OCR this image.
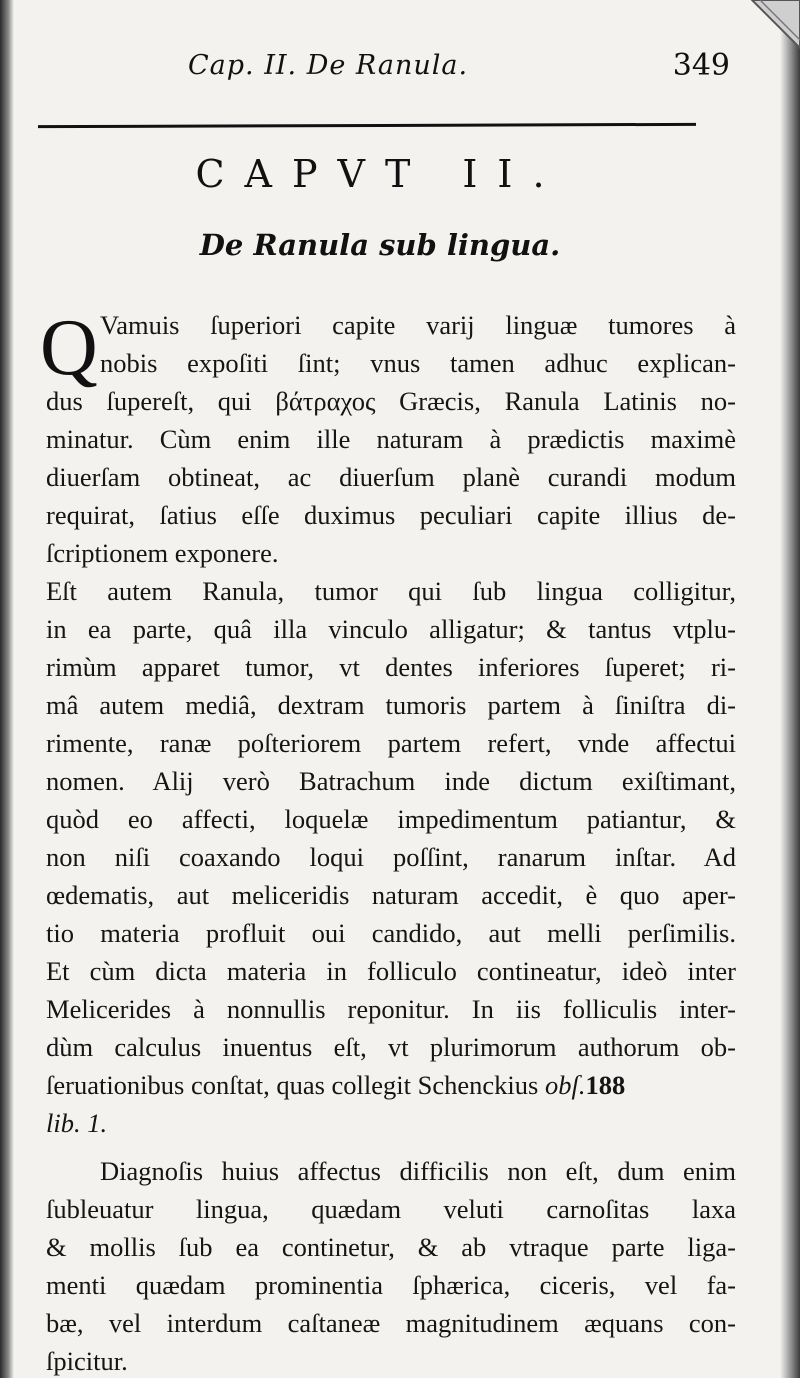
Cap. II. De Ranula.	349
CAPVT II.
De Ranula sub lingua.
Q Vamuis ſuperiori capite varij linguæ tumores à
nobis expoſiti ſint; vnus tamen adhuc explican-
dus ſupereſt, qui βάτραχος Græcis, Ranula Latinis no-
minatur. Cùm enim ille naturam à prædictis maximè
diuerſam obtineat, ac diuerſum planè curandi modum
requirat, ſatius eſſe duximus peculiari capite illius de-
ſcriptionem exponere.
Eſt autem Ranula, tumor qui ſub lingua colligitur,
in ea parte, quâ illa vinculo alligatur; & tantus vtplu-
rimùm apparet tumor, vt dentes inferiores ſuperet; ri-
mâ autem mediâ, dextram tumoris partem à ſiniſtra di-
rimente, ranæ poſteriorem partem refert, vnde affectui
nomen. Alij verò Batrachum inde dictum exiſtimant,
quòd eo affecti, loquelæ impedimentum patiantur, &
non niſi coaxando loqui poſſint, ranarum inſtar. Ad
œdematis, aut meliceridis naturam accedit, è quo aper-
tio materia profluit oui candido, aut melli perſimilis.
Et cùm dicta materia in folliculo contineatur, ideò inter
Melicerides à nonnullis reponitur. In iis folliculis inter-
dùm calculus inuentus eſt, vt plurimorum authorum ob-
ſeruationibus conſtat, quas collegit Schenckius obſ.188
lib. 1.
Diagnoſis huius affectus difficilis non eſt, dum enim
ſubleuatur lingua, quædam veluti carnoſitas laxa
& mollis ſub ea continetur, & ab vtraque parte liga-
menti quædam prominentia ſphærica, ciceris, vel fa-
bæ, vel interdum caſtaneæ magnitudinem æquans con-
ſpicitur.
